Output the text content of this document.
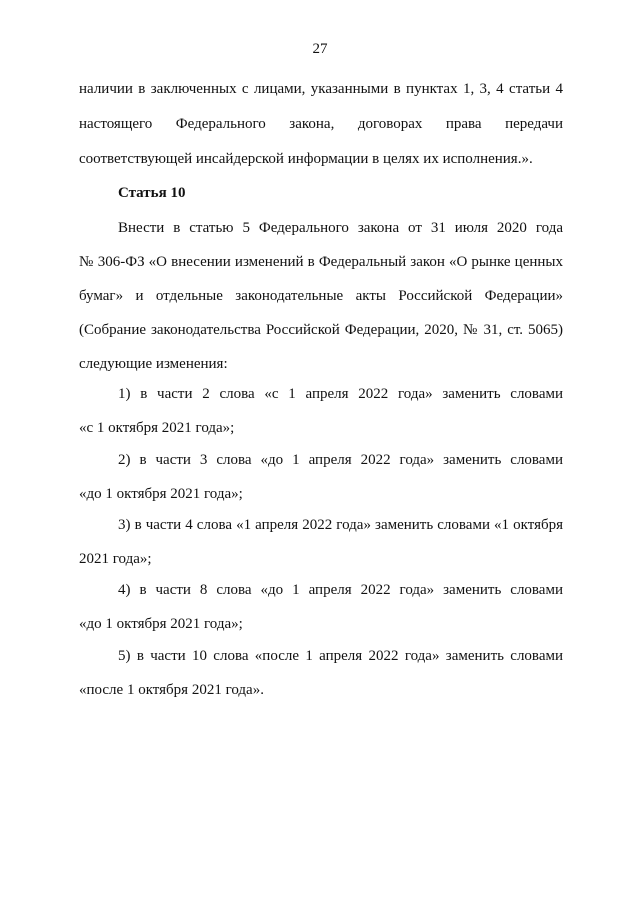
27
наличии в заключенных с лицами, указанными в пунктах 1, 3, 4 статьи 4
настоящего Федерального закона, договорах права передачи
соответствующей инсайдерской информации в целях их исполнения.».
Статья 10
Внести в статью 5 Федерального закона от 31 июля 2020 года
№ 306-ФЗ «О внесении изменений в Федеральный закон «О рынке ценных
бумаг» и отдельные законодательные акты Российской Федерации»
(Собрание законодательства Российской Федерации, 2020, № 31, ст. 5065)
следующие изменения:
1) в части 2 слова «с 1 апреля 2022 года» заменить словами
«с 1 октября 2021 года»;
2) в части 3 слова «до 1 апреля 2022 года» заменить словами
«до 1 октября 2021 года»;
3) в части 4 слова «1 апреля 2022 года» заменить словами «1 октября
2021 года»;
4) в части 8 слова «до 1 апреля 2022 года» заменить словами
«до 1 октября 2021 года»;
5) в части 10 слова «после 1 апреля 2022 года» заменить словами
«после 1 октября 2021 года».
